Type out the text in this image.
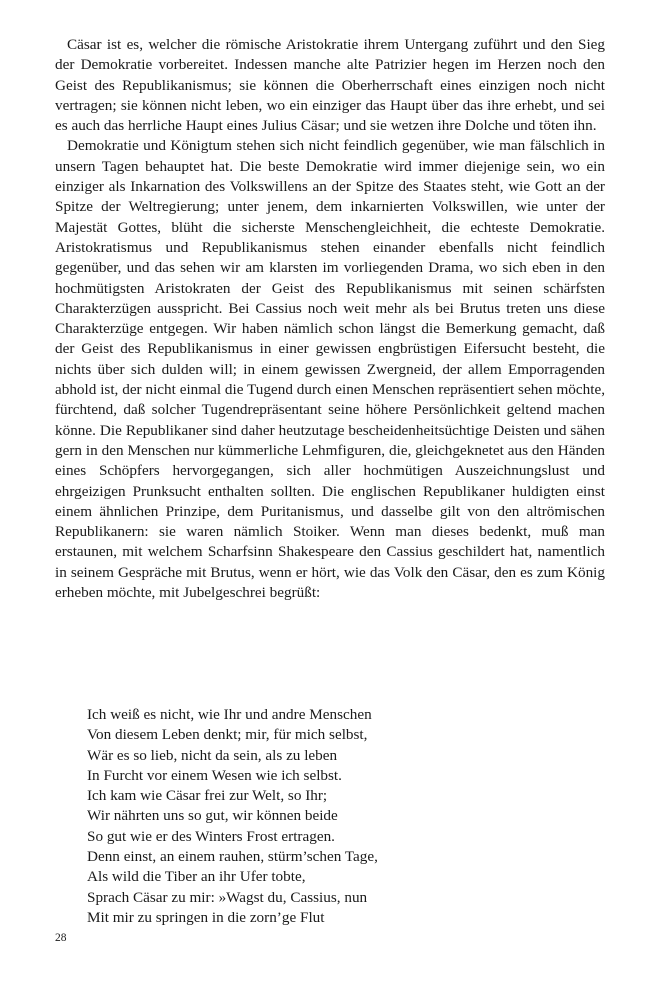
Cäsar ist es, welcher die römische Aristokratie ihrem Untergang zuführt und den Sieg der Demokratie vorbereitet. Indessen manche alte Patrizier hegen im Herzen noch den Geist des Republikanismus; sie können die Oberherrschaft eines einzigen noch nicht vertragen; sie können nicht leben, wo ein einziger das Haupt über das ihre erhebt, und sei es auch das herrliche Haupt eines Julius Cäsar; und sie wetzen ihre Dolche und töten ihn.

Demokratie und Königtum stehen sich nicht feindlich gegenüber, wie man fälschlich in unsern Tagen behauptet hat. Die beste Demokratie wird immer diejenige sein, wo ein einziger als Inkarnation des Volkswillens an der Spitze des Staates steht, wie Gott an der Spitze der Weltregierung; unter jenem, dem inkarnierten Volkswillen, wie unter der Majestät Gottes, blüht die sicherste Menschengleichheit, die echteste Demokratie. Aristokratismus und Republikanismus stehen einander ebenfalls nicht feindlich gegenüber, und das sehen wir am klarsten im vorliegenden Drama, wo sich eben in den hochmütigsten Aristokraten der Geist des Republikanismus mit seinen schärfsten Charakterzügen ausspricht. Bei Cassius noch weit mehr als bei Brutus treten uns diese Charakterzüge entgegen. Wir haben nämlich schon längst die Bemerkung gemacht, daß der Geist des Republikanismus in einer gewissen engbrüstigen Eifersucht besteht, die nichts über sich dulden will; in einem gewissen Zwergneid, der allem Emporragenden abhold ist, der nicht einmal die Tugend durch einen Menschen repräsentiert sehen möchte, fürchtend, daß solcher Tugendrepräsentant seine höhere Persönlichkeit geltend machen könne. Die Republikaner sind daher heutzutage bescheidenheitsüchtige Deisten und sähen gern in den Menschen nur kümmerliche Lehmfiguren, die, gleichgeknetet aus den Händen eines Schöpfers hervorgegangen, sich aller hochmütigen Auszeichnungslust und ehrgeizigen Prunksucht enthalten sollten. Die englischen Republikaner huldigten einst einem ähnlichen Prinzipe, dem Puritanismus, und dasselbe gilt von den altrömischen Republikanern: sie waren nämlich Stoiker. Wenn man dieses bedenkt, muß man erstaunen, mit welchem Scharfsinn Shakespeare den Cassius geschildert hat, namentlich in seinem Gespräche mit Brutus, wenn er hört, wie das Volk den Cäsar, den es zum König erheben möchte, mit Jubelgeschrei begrüßt:

Ich weiß es nicht, wie Ihr und andre Menschen
Von diesem Leben denkt; mir, für mich selbst,
Wär es so lieb, nicht da sein, als zu leben
In Furcht vor einem Wesen wie ich selbst.
Ich kam wie Cäsar frei zur Welt, so Ihr;
Wir nährten uns so gut, wir können beide
So gut wie er des Winters Frost ertragen.
Denn einst, an einem rauhen, stürm’schen Tage,
Als wild die Tiber an ihr Ufer tobte,
Sprach Cäsar zu mir: »Wagst du, Cassius, nun
Mit mir zu springen in die zorn’ge Flut
28
